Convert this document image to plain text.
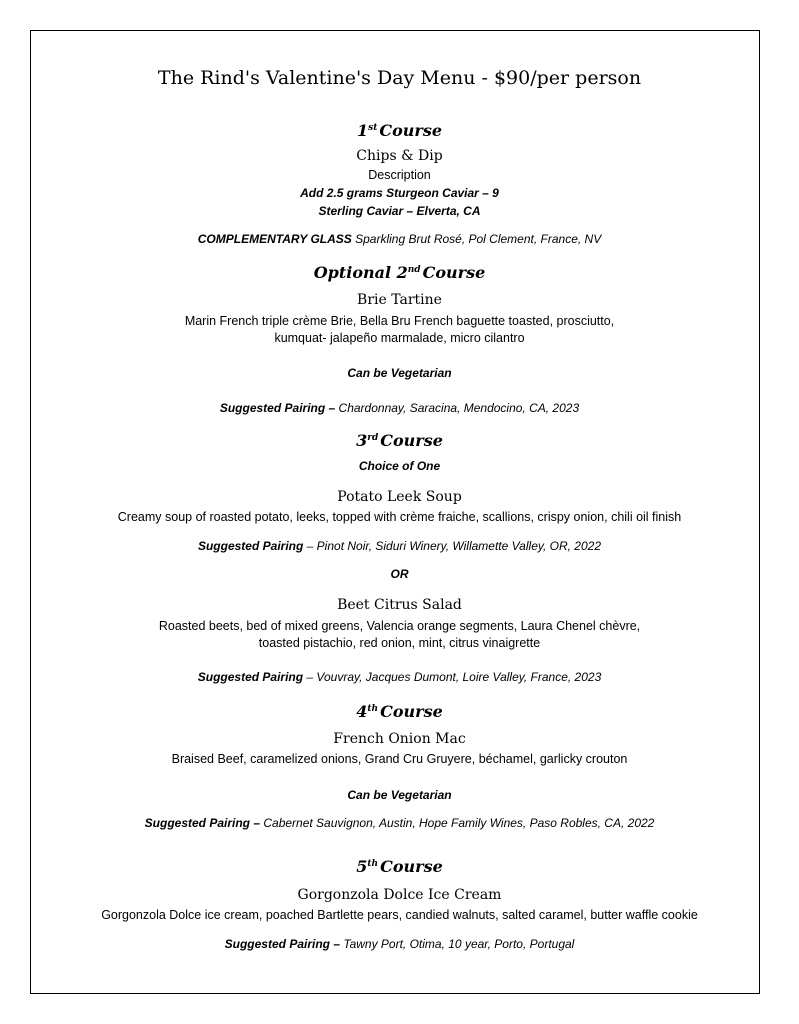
The Rind's Valentine's Day Menu - $90/per person

1st Course

Chips & Dip

Description

Add 2.5 grams Sturgeon Caviar – 9

Sterling Caviar – Elverta, CA

COMPLEMENTARY GLASS Sparkling Brut Rosé, Pol Clement, France, NV

Optional 2nd Course

Brie Tartine

Marin French triple crème Brie, Bella Bru French baguette toasted, prosciutto,

kumquat- jalapeño marmalade, micro cilantro

Can be Vegetarian

Suggested Pairing – Chardonnay, Saracina, Mendocino, CA, 2023

3rd Course

Choice of One

Potato Leek Soup

Creamy soup of roasted potato, leeks, topped with crème fraiche, scallions, crispy onion, chili oil finish

Suggested Pairing – Pinot Noir, Siduri Winery, Willamette Valley, OR, 2022

OR

Beet Citrus Salad

Roasted beets, bed of mixed greens, Valencia orange segments, Laura Chenel chèvre,

toasted pistachio, red onion, mint, citrus vinaigrette

Suggested Pairing – Vouvray, Jacques Dumont, Loire Valley, France, 2023

4th Course

French Onion Mac

Braised Beef, caramelized onions, Grand Cru Gruyere, béchamel, garlicky crouton

Can be Vegetarian

Suggested Pairing – Cabernet Sauvignon, Austin, Hope Family Wines, Paso Robles, CA, 2022

5th Course

Gorgonzola Dolce Ice Cream

Gorgonzola Dolce ice cream, poached Bartlette pears, candied walnuts, salted caramel, butter waffle cookie

Suggested Pairing – Tawny Port, Otima, 10 year, Porto, Portugal
